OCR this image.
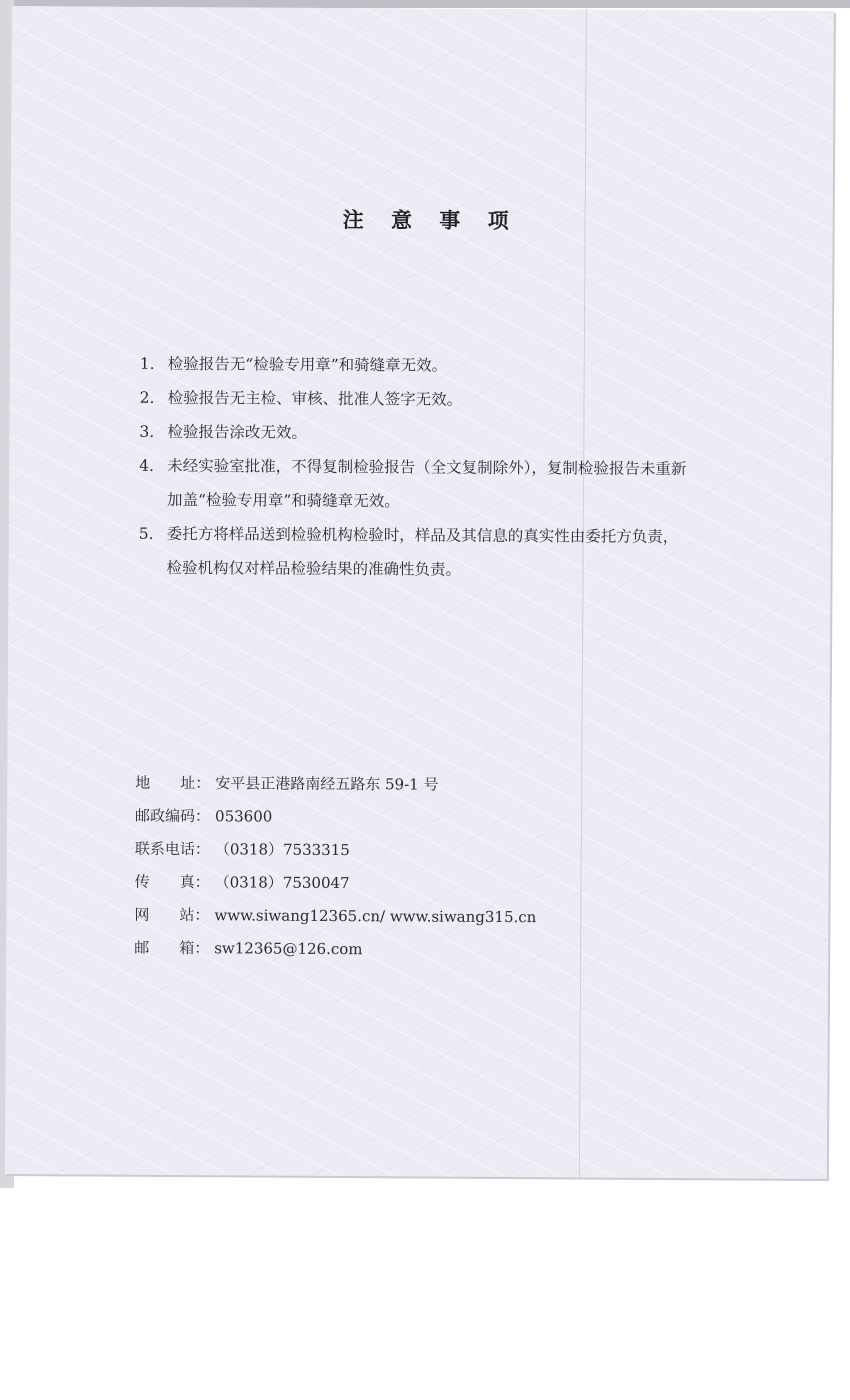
注 意 事 项
1. 检验报告无“检验专用章”和骑缝章无效。
2. 检验报告无主检、审核、批准人签字无效。
3. 检验报告涂改无效。
4. 未经实验室批准，不得复制检验报告（全文复制除外），复制检验报告未重新
加盖“检验专用章”和骑缝章无效。
5. 委托方将样品送到检验机构检验时，样品及其信息的真实性由委托方负责，
检验机构仅对样品检验结果的准确性负责。
地　　址： 安平县正港路南经五路东 59-1 号
邮政编码： 053600
联系电话： （0318）7533315
传　　真： （0318）7530047
网　　站： www.siwang12365.cn/ www.siwang315.cn
邮　　箱： sw12365@126.com
